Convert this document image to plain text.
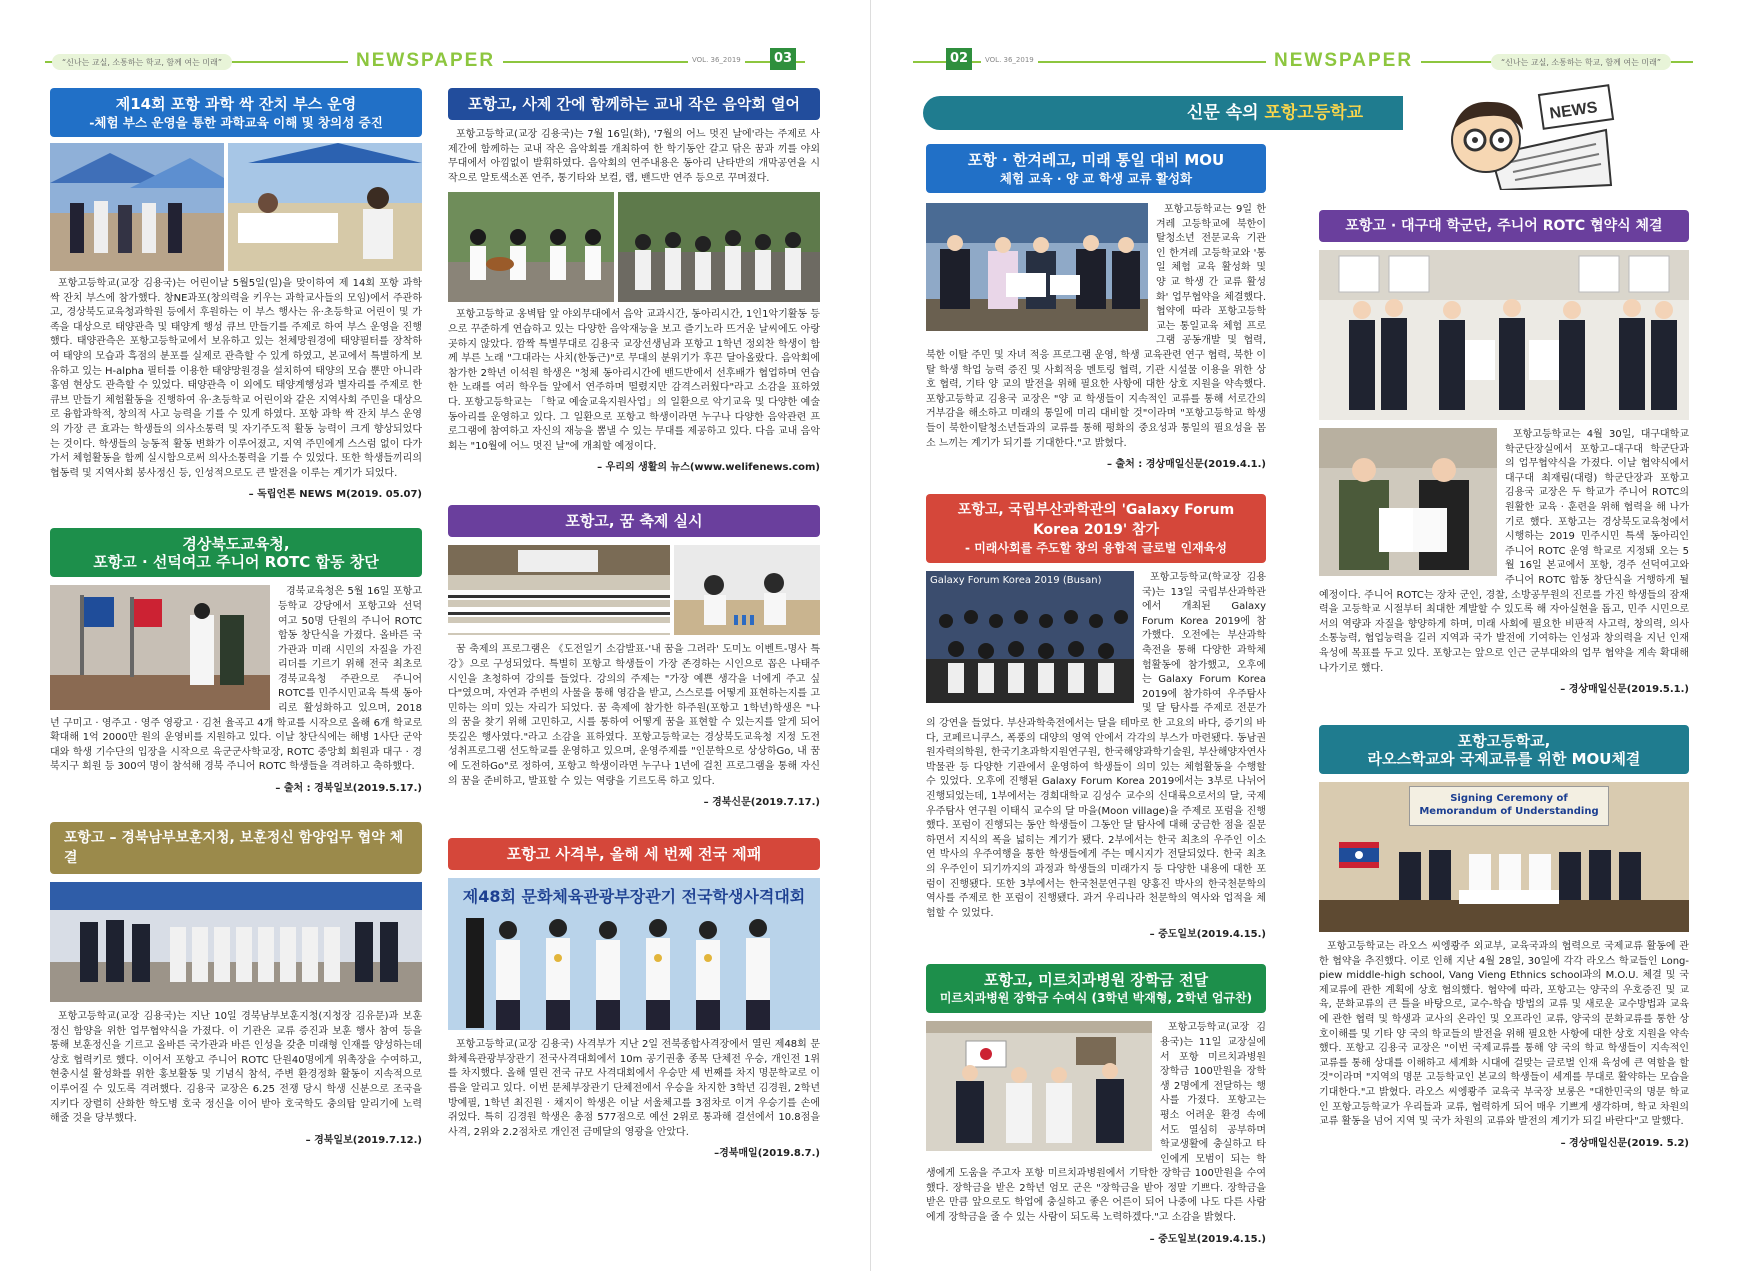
“신나는 교실, 소통하는 학교, 함께 여는 미래”	NEWSPAPER	VOL. 36_2019	03
제14회 포항 과학 싹 잔치 부스 운영
-체험 부스 운영을 통한 과학교육 이해 및 창의성 증진

포항고등학교(교장 김용국)는 어린이날 5월5일(일)을 맞이하여 제 14회 포항 과학 싹 잔치 부스에 참가했다. 창NE과포(창의력을 키우는 과학교사들의 모임)에서 주관하고, 경상북도교육청과학원 등에서 후원하는 이 부스 행사는 유·초등학교 어린이 및 가족을 대상으로 태양관측 및 태양계 행성 큐브 만들기를 주제로 하여 부스 운영을 진행했다. 태양관측은 포항고등학교에서 보유하고 있는 천체망원경에 태양필터를 장착하여 태양의 모습과 흑점의 분포를 실제로 관측할 수 있게 하였고, 본교에서 특별하게 보유하고 있는 H-alpha 필터를 이용한 태양망원경을 설치하여 태양의 모습 뿐만 아니라 홍염 현상도 관측할 수 있었다. 태양관측 이 외에도 태양계행성과 별자리를 주제로 한 큐브 만들기 체험활동을 진행하여 유·초등학교 어린이와 같은 지역사회 주민을 대상으로 융합과학적, 창의적 사고 능력을 기를 수 있게 하였다. 포항 과학 싹 잔치 부스 운영의 가장 큰 효과는 학생들의 의사소통력 및 자기주도적 활동 능력이 크게 향상되었다는 것이다. 학생들의 능동적 활동 변화가 이루어졌고, 지역 주민에게 스스럼 없이 다가가서 체험활동을 함께 실시함으로써 의사소통력을 기를 수 있었다. 또한 학생들끼리의 협동력 및 지역사회 봉사정신 등, 인성적으로도 큰 발전을 이루는 계기가 되었다.

– 독립언론 NEWS M(2019. 05.07)
경상북도교육청,
포항고 · 선덕여고 주니어 ROTC 합동 창단

경북교육청은 5월 16일 포항고등학교 강당에서 포항고와 선덕여고 50명 단원의 주니어 ROTC 합동 창단식을 가졌다. 올바른 국가관과 미래 시민의 자질을 가진 리더를 기르기 위해 전국 최초로 경북교육청 주관으로 주니어 ROTC를 민주시민교육 특색 동아리로 활성화하고 있으며, 2018년 구미고 · 영주고 · 영주 영광고 · 김천 율곡고 4개 학교를 시작으로 올해 6개 학교로 확대해 1억 2000만 원의 운영비를 지원하고 있다. 이날 창단식에는 해병 1사단 군악대와 학생 기수단의 입장을 시작으로 육군군사학교장, ROTC 중앙회 회원과 대구 · 경북지구 회원 등 300여 명이 참석해 경북 주니어 ROTC 학생들을 격려하고 축하했다.

– 출처 : 경북일보(2019.5.17.)
포항고 – 경북남부보훈지청, 보훈정신 함양업무 협약 체결

포항고등학교(교장 김용국)는 지난 10일 경북남부보훈지청(지청장 김유문)과 보훈정신 함양을 위한 업무협약식을 가졌다. 이 기관은 교류 증진과 보훈 행사 참여 등을 통해 보훈정신을 기르고 올바른 국가관과 바른 인성을 갖춘 미래형 인재를 양성하는데 상호 협력키로 했다. 이어서 포항고 주니어 ROTC 단원40명에게 위촉장을 수여하고, 현충시설 활성화를 위한 홍보활동 및 기념식 참석, 주변 환경정화 활동이 지속적으로 이루어질 수 있도록 격려했다. 김용국 교장은 6.25 전쟁 당시 학생 신분으로 조국을 지키다 장렬히 산화한 학도병 호국 정신을 이어 받아 호국학도 충의탑 알리기에 노력해줄 것을 당부했다.

– 경북일보(2019.7.12.)
포항고, 사제 간에 함께하는 교내 작은 음악회 열어

포항고등학교(교장 김용국)는 7월 16일(화), '7월의 어느 멋진 날에'라는 주제로 사제간에 함께하는 교내 작은 음악회를 개최하여 한 학기동안 갈고 닦은 꿈과 끼를 야외무대에서 아낌없이 발휘하였다. 음악회의 연주내용은 동아리 난타반의 개막공연을 시작으로 알토색소폰 연주, 통기타와 보컬, 랩, 밴드반 연주 등으로 꾸며졌다.

포항고등학교 옹벽탑 앞 야외무대에서 음악 교과시간, 동아리시간, 1인1악기활동 등으로 꾸준하게 연습하고 있는 다양한 음악재능을 보고 즐기노라 뜨거운 날씨에도 아랑곳하지 않았다. 깜짝 특별무대로 김용국 교장선생님과 포항고 1학년 정외찬 학생이 함께 부른 노래 "그대라는 사치(한동근)"로 무대의 분위기가 후끈 달아올랐다. 음악회에 참가한 2학년 이석원 학생은 "청체 동아리시간에 밴드반에서 선후배가 협업하며 연습한 노래를 여러 학우들 앞에서 연주하며 떨렸지만 감격스러웠다"라고 소감을 표하였다. 포항고등학교는 「학교 예술교육지원사업」의 일환으로 악기교육 및 다양한 예술동아리를 운영하고 있다. 그 일환으로 포항고 학생이라면 누구나 다양한 음악관련 프로그램에 참여하고 자신의 재능을 뽐낼 수 있는 무대를 제공하고 있다. 다음 교내 음악회는 "10월에 어느 멋진 날"에 개최할 예정이다.

– 우리의 생활의 뉴스(www.welifenews.com)
포항고, 꿈 축제 실시

꿈 축제의 프로그램은 《도전일기 소감발표-'내 꿈을 그려라' 도미노 이벤트-명사 특강》으로 구성되었다. 특별히 포항고 학생들이 가장 존경하는 시인으로 꼽은 나태주 시인을 초청하여 강의를 들었다. 강의의 주제는 "가장 예쁜 생각을 너에게 주고 싶다"였으며, 자연과 주변의 사물을 통해 영감을 받고, 스스로를 어떻게 표현하는지를 고민하는 의미 있는 자리가 되었다. 꿈 축제에 참가한 하주원(포항고 1학년)학생은 "나의 꿈을 찾기 위해 고민하고, 시를 통하여 어떻게 꿈을 표현할 수 있는지를 알게 되어 뜻깊은 행사였다."라고 소감을 표하였다. 포항고등학교는 경상북도교육청 지정 도전 성취프로그램 선도학교를 운영하고 있으며, 운영주제를 "인문학으로 상상하Go, 내 꿈에 도전하Go"로 정하여, 포항고 학생이라면 누구나 1년에 걸친 프로그램을 통해 자신의 꿈을 준비하고, 발표할 수 있는 역량을 기르도록 하고 있다.

– 경북신문(2019.7.17.)
포항고 사격부, 올해 세 번째 전국 제패
제48회 문화체육관광부장관기 전국학생사격대회

포항고등학교(교장 김용국) 사격부가 지난 2일 전북종합사격장에서 열린 제48회 문화체육관광부장관기 전국사격대회에서 10m 공기권총 종목 단체전 우승, 개인전 1위를 차지했다. 올해 열린 전국 규모 사격대회에서 우승만 세 번째를 차지 명문학교로 이름을 알리고 있다. 이번 문체부장관기 단체전에서 우승을 차지한 3학년 김경원, 2학년 방예필, 1학년 최진원 · 채지이 학생은 이날 서울체고를 3점차로 이겨 우승기를 손에 쥐었다. 특히 김경원 학생은 총점 577점으로 예선 2위로 통과해 결선에서 10.8점을 사격, 2위와 2.2점차로 개인전 금메달의 영광을 안았다.

–경북매일(2019.8.7.)
02	VOL. 36_2019	NEWSPAPER	“신나는 교실, 소통하는 학교, 함께 여는 미래”
신문 속의 포항고등학교	NEWS
포항 · 한겨레고, 미래 통일 대비 MOU
체험 교육 · 양 교 학생 교류 활성화

포항고등학교는 9일 한겨레 고등학교에 북한이탈청소년 전문교육 기관인 한겨레 고등학교와 '통일 체험 교육 활성화 및 양 교 학생 간 교류 활성화' 업무협약을 체결했다. 협약에 따라 포항고등학교는 통일교육 체험 프로그램 공동개발 및 협력, 북한 이탈 주민 및 자녀 적응 프로그램 운영, 학생 교육관련 연구 협력, 북한 이탈 학생 학업 능력 증진 및 사회적응 멘토링 협력, 기관 시설물 이용을 위한 상호 협력, 기타 양 교의 발전을 위해 필요한 사항에 대한 상호 지원을 약속했다. 포항고등학교 김용국 교장은 "양 교 학생들이 지속적인 교류를 통해 서로간의 거부감을 해소하고 미래의 통일에 미리 대비할 것"이라며 "포항고등학교 학생들이 북한이탈청소년들과의 교류를 통해 평화의 중요성과 통일의 필요성을 몸소 느끼는 계기가 되기를 기대한다."고 밝혔다.

– 출처 : 경상매일신문(2019.4.1.)
포항고, 국립부산과학관의 'Galaxy Forum Korea 2019' 참가
- 미래사회를 주도할 창의 융합적 글로벌 인재육성
Galaxy Forum Korea 2019 (Busan)	포항고등학교(학교장 김용국)는 13일 국립부산과학관에서 개최된 Galaxy Forum Korea 2019에 참가했다. 오전에는 부산과학축전을 통해 다양한 과학체험활동에 참가했고, 오후에는 Galaxy Forum Korea 2019에 참가하여 우주탐사 및 달 탐사를 주제로 전문가의 강연을 들었다. 부산과학축전에서는 달을 테마로 한 고요의 바다, 증기의 바다, 코페르니쿠스, 폭풍의 대양의 영역 안에서 각각의 부스가 마련됐다. 동남권 원자력의학원, 한국기초과학지원연구원, 한국해양과학기술원, 부산해양자연사박물관 등 다양한 기관에서 운영하여 학생들이 의미 있는 체험활동을 수행할 수 있었다. 오후에 진행된 Galaxy Forum Korea 2019에서는 3부로 나뉘어 진행되었는데, 1부에서는 경희대학교 김성수 교수의 신대륙으로서의 달, 국제우주탐사 연구원 이태식 교수의 달 마을(Moon village)을 주제로 포럼을 진행했다. 포럼이 진행되는 동안 학생들이 그동안 달 탐사에 대해 궁금한 점을 질문하면서 지식의 폭을 넓히는 계기가 됐다. 2부에서는 한국 최초의 우주인 이소연 박사의 우주여행을 통한 학생들에게 주는 메시지가 전달되었다. 한국 최초의 우주인이 되기까지의 과정과 학생들의 미래가지 등 다양한 내용에 대한 포럼이 진행됐다. 또한 3부에서는 한국천문연구원 양홍진 박사의 한국천문학의 역사를 주제로 한 포럼이 진행됐다. 과거 우리나라 천문학의 역사와 업적을 체험할 수 있었다.

– 중도일보(2019.4.15.)
포항고, 미르치과병원 장학금 전달
미르치과병원 장학금 수여식 (3학년 박재형, 2학년 엄규찬)

포항고등학교(교장 김용국)는 11일 교장실에서 포항 미르치과병원 장학금 100만원을 장학생 2명에게 전달하는 행사를 가졌다. 포항고는 평소 어려운 환경 속에서도 열심히 공부하며 학교생활에 충실하고 타인에게 모범이 되는 학생에게 도움을 주고자 포항 미르치과병원에서 기탁한 장학금 100만원을 수여했다. 장학금을 받은 2학년 엄모 군은 "장학금을 받아 정말 기쁘다. 장학금을 받은 만큼 앞으로도 학업에 충실하고 좋은 어른이 되어 나중에 나도 다른 사람에게 장학금을 줄 수 있는 사람이 되도록 노력하겠다."고 소감을 밝혔다.

– 중도일보(2019.4.15.)
포항고 · 대구대 학군단, 주니어 ROTC 협약식 체결

포항고등학교는 4월 30일, 대구대학교 학군단장실에서 포항고–대구대 학군단과의 업무협약식을 가졌다. 이날 협약식에서 대구대 최재림(대령) 학군단장과 포항고 김용국 교장은 두 학교가 주니어 ROTC의 원활한 교육 · 훈련을 위해 협력을 해 나가기로 했다. 포항고는 경상북도교육청에서 시행하는 2019 민주시민 특색 동아리인 주니어 ROTC 운영 학교로 지정돼 오는 5월 16일 본교에서 포항, 경주 선덕여고와 주니어 ROTC 합동 창단식을 거행하게 될 예정이다. 주니어 ROTC는 장차 군인, 경찰, 소방공무원의 진로를 가진 학생들의 잠재력을 고등학교 시절부터 최대한 계발할 수 있도록 해 자아실현을 돕고, 민주 시민으로서의 역량과 자질을 향양하게 하며, 미래 사회에 필요한 비판적 사고력, 창의력, 의사소통능력, 협업능력을 길러 지역과 국가 발전에 기여하는 인성과 창의력을 지닌 인재 육성에 목표를 두고 있다. 포항고는 앞으로 인근 군부대와의 업무 협약을 계속 확대해 나가기로 했다.

– 경상매일신문(2019.5.1.)
포항고등학교,
라오스학교와 국제교류를 위한 MOU체결
Signing Ceremony of
Memorandum of Understanding

포항고등학교는 라오스 씨엥쾅주 외교부, 교육국과의 협력으로 국제교류 활동에 관한 협약을 추진했다. 이로 인해 지난 4월 28일, 30일에 각각 라오스 학교들인 Long-piew middle-high school, Vang Vieng Ethnics school과의 M.O.U. 체결 및 국제교류에 관한 계획에 상호 협의했다. 협약에 따라, 포항고는 양국의 우호증진 및 교육, 문화교류의 큰 틀을 바탕으로, 교수-학습 방법의 교류 및 새로운 교수방법과 교육에 관한 협력 및 학생과 교사의 온라인 및 오프라인 교류, 양국의 문화교류를 통한 상호이해를 및 기타 양 국의 학교들의 발전을 위해 필요한 사항에 대한 상호 지원을 약속했다. 포항고 김용국 교장은 "이번 국제교류를 통해 양 국의 학교 학생들이 지속적인 교류를 통해 상대를 이해하고 세계화 시대에 걸맞는 글로벌 인재 육성에 큰 역할을 할 것"이라며 "지역의 명문 고등학교인 본교의 학생들이 세계를 무대로 활약하는 모습을 기대한다."고 밝혔다. 라오스 씨엥쾅주 교육국 부국장 보롱은 "대한민국의 명문 학교인 포항고등학교가 우리들과 교류, 협력하게 되어 매우 기쁘게 생각하며, 학교 차원의 교류 활동을 넘어 지역 및 국가 차원의 교류와 발전의 계기가 되길 바란다"고 말했다.

– 경상매일신문(2019. 5.2)
